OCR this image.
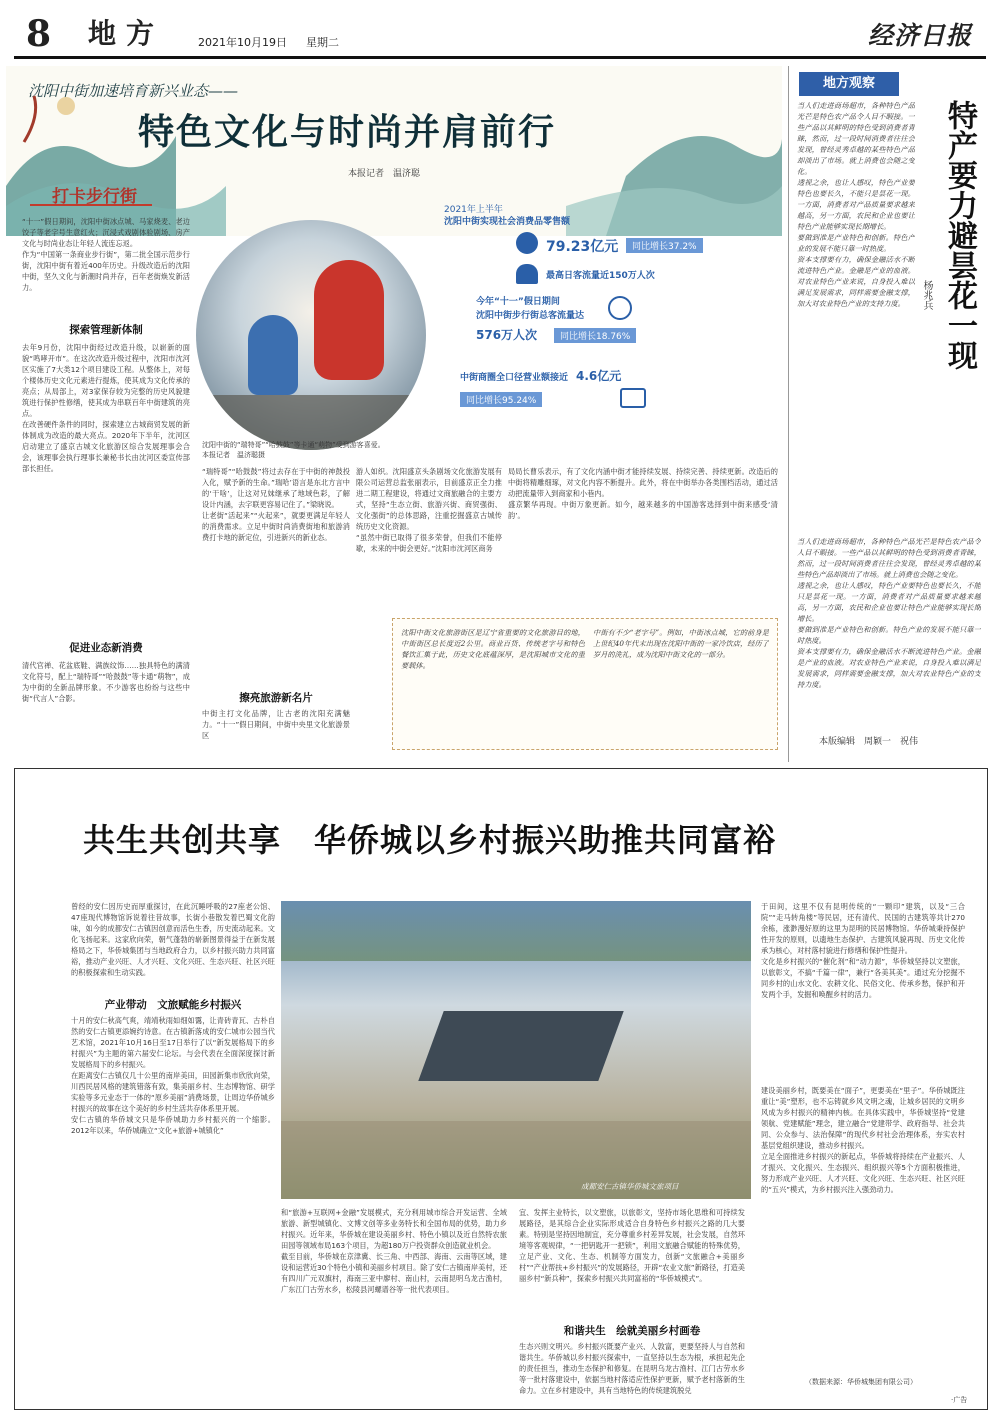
8 地方	2021年10月19日 星期二	经济日报
沈阳中街加速培育新兴业态——
特色文化与时尚并肩前行
本报记者　温济聪
打卡步行街
“十一”假日期间，沈阳中街冰点城、马家烧麦、老边饺子等老字号生意红火；沉浸式戏剧体验剧场、房产文化与时尚业态让年轻人流连忘返。
作为“中国第一条商业步行街”，第二批全国示范步行街，沈阳中街有着近400年历史。升级改造后的沈阳中街，坚久文化与新潮时尚并存，百年老街焕发新活力。
探索管理新体制
去年9月份，沈阳中街经过改造升级，以崭新的面貌“鸣哮开市”。在这次改造升级过程中，沈阳市沈河区实施了7大类12个项目建设工程。从整体上，对每个楼体历史文化元素进行提炼，使其成为文化传承的亮点；从局部上，对3家保存较为完整的历史风貌建筑进行保护性修缮，使其成为串联百年中街建筑的亮点。
在改善硬件条件的同时，探索建立古城商贸发展的新体制成为改造的最大亮点。2020年下半年，沈河区启动建立了盛京古城文化旅游区综合发展理事会合会，该理事会执行理事长兼秘书长由沈河区委宣传部部长担任。
促进业态新消费
清代官禅、花盆底鞋、满族纹饰……独具特色的满清文化符号，配上“瑞特哥”“哈鼓鼓”等卡通“萌物”，成为中街的全新品牌形象。不少游客也纷纷与这些中街“代言人”合影。
沈阳中街的“瑞特哥”“哈鼓鼓”等卡通“萌物”受到游客喜爱。　本报记者　温济聪摄
2021年上半年
沈阳中街实现社会消费品零售额
79.23亿元	同比增长37.2%
最高日客流量近150万人次
今年“十一”假日期间
沈阳中街步行街总客流量达
576万人次	同比增长18.76%
中街商圈全口径营业额接近 4.6亿元
同比增长95.24%
“瑞特哥”“哈鼓鼓”将过去存在于中街的神鼓投入化，赋予新的生命。”瑞哈’语言是东北方言中的‘干啥’，让这对兄妹继承了地域色彩，了解设计内涵，去字联更容易记住了。”梁晓说。
让老街“活起来”“火起来”，就要更满足年轻人的消费需求。立足中街时尚消费街地和旅游消费打卡地的新定位，引进新兴的新业态。
擦亮旅游新名片
中街主打文化品牌，让古老的沈阳充满魅力。“十一”假日期间，中街中央里文化旅游景区
游人如织。沈阳盛京头条剧场文化旅游发展有限公司运营总监张丽表示，目前盛京正全力推进二期工程建设，将通过文商旅融合的主要方式，坚持“生态立街、旅游兴街、商贸强街、文化强街”的总体思路，注重挖掘盛京古城传统历史文化资源。
“虽然中街已取得了很多荣誉，但我们不能停歇，未来的中街会更好。”沈阳市沈河区商务
局局长曹乐表示，有了文化内涵中街才能持续发展、持续完善、持续更新。改造后的中街将精雕细琢，对文化内容不断提升。此外，将在中街举办各类围档活动，通过活动把流量带入到商家和小巷内。
盛京繁华再现。中街万象更新。如今，越来越多的中国游客选择到中街来感受‘清韵’。
沈阳中街文化旅游街区是辽宁省重要的文化旅游目的地，中街街区总长度近2公里。商业百货、传统老字号和特色餐饮汇集于此，历史文化底蕴深厚，是沈阳城市文化的重要载体。
中街有不少“老字号”。例如，中街冰点城，它的前身是上世纪40年代末出现在沈阳中街的一家冷饮店，经历了岁月的洗礼，成为沈阳中街文化的一部分。
地方观察
特产要力避昙花一现
杨兆兵
当人们走进商场超市，各种特色产品光芒是特色农产品令人目不暇接。一些产品以其鲜明的特色受到消费者青睐，然而，过一段时间消费者往往会发现，曾经灵秀卓越的某些特色产品却淡出了市场。就上消费也会随之变化。
透视之余，也让人感叹，特色产业要特色也要长久，不能只是昙花一现。一方面，消费者对产品质量要求越来越高，另一方面，农民和企业也要让特色产业能够实现长期增长。
要做到准是产业特色和创新。特色产业的发展不能只靠一时热度。
资本支撑要有力，确保金融活水不断流进特色产业。金融是产业的血液。对农业特色产业来说，自身投入难以满足发展需求，同样需要金融支撑，加大对农业特色产业的支持力度。
当人们走进商场超市，各种特色产品光芒是特色农产品令人目不暇接。一些产品以其鲜明的特色受到消费者青睐，然而，过一段时间消费者往往会发现，曾经灵秀卓越的某些特色产品却淡出了市场。就上消费也会随之变化。
透视之余，也让人感叹，特色产业要特色也要长久，不能只是昙花一现。一方面，消费者对产品质量要求越来越高，另一方面，农民和企业也要让特色产业能够实现长期增长。
要做到准是产业特色和创新。特色产业的发展不能只靠一时热度。
资本支撑要有力，确保金融活水不断流进特色产业。金融是产业的血液。对农业特色产业来说，自身投入难以满足发展需求，同样需要金融支撑，加大对农业特色产业的支持力度。
本版编辑　周颖一　祝伟
共生共创共享　华侨城以乡村振兴助推共同富裕
曾经的安仁因历史而厚重探讨，在此沉睡呼吸的27座老公馆、47座现代博物馆诉说着往昔故事，长街小巷散发着巴蜀文化韵味，如今的成都安仁古镇因创意而活色生香，历史流动起来。文化飞扬起来。这家欣向荣，朝气蓬勃的崭新图景得益于在新发展格局之下，华侨城集团与当地政府合力，以乡村振兴助力共同富裕，推动产业兴旺、人才兴旺、文化兴旺、生态兴旺、社区兴旺的积极探索和生动实践。
产业带动　文旅赋能乡村振兴
十月的安仁秋高气爽，靖靖秋雨如细如霭，让青砖青瓦、古朴自然的安仁古镇更添婉约诗意。在古镇新落成的安仁城市公园当代艺术馆，2021年10月16日至17日举行了以“新发展格局下的乡村振兴”为主题的第六届安仁论坛。与会代表在全面深度探讨新发展格局下的乡村振兴。
在距离安仁古镇仅几十公里的南岸美田，田园新集市欣欣向荣，川西民居风格的建筑错落有致，集美丽乡村、生态博物馆、研学实验等多元业态于一体的“原乡美丽”消费场景，让周边华侨城乡村振兴的故事在这个美好的乡村生活共存体系里开展。
安仁古镇的华侨城文只是华侨城助力乡村振兴的一个缩影。2012年以来，华侨城确立“文化+旅游+城镇化”
成都安仁古镇华侨城文旅项目
和“旅游+互联网+金融”发展模式，充分利用城市综合开发运营、全域旅游、新型城镇化、文博文创等多业务特长和全国布局的优势，助力乡村振兴。近年来，华侨城在建设美丽乡村、特色小镇以及近自然特农旅田园等领域布局163个项目，为超180万户投资群众创造就业机会。
截至目前，华侨城在京津冀、长三角、中西部、海南、云南等区域，建设和运营近30个特色小镇和美丽乡村项目。除了安仁古镇南岸美村，还有四川广元双旗村，海南三亚中廖村、南山村，云南昆明乌龙古渔村，广东江门古劳水乡，松陵县河螺谱谷等一批代表项目。
宜、发挥主业特长，以文塑旅，以旅彰文，坚持市场化思维和可持续发展路径，是其综合企业实际形成适合自身特色乡村振兴之路的几大要素。特别是坚持因地制宜，充分尊重乡村差异发展，社会发展，自然环境等客观规律，“一把钥匙开一把锁”，利用文旅融合赋能的特殊优势，立足产业、文化、生态、机制等方面发力，创新“文旅融合+美丽乡村”“产业帮扶+乡村振兴”的发展路径，开辟“农业文旅”新路径，打造美丽乡村“新兵种”，探索乡村振兴共同富裕的“华侨城模式”。
和谐共生　绘就美丽乡村画卷
生态兴则文明兴。乡村振兴既要产业兴、人敦富，更要坚持人与自然和谐共生。华侨城以乡村振兴探索中，一直坚持以生态为根，承担起先企的责任担当，推动生态保护和修复。在昆明乌龙古渔村、江门古劳水乡等一批村落建设中，依据当地村落适应性保护更新，赋予老村落新的生命力。立在乡村建设中，具有当地特色的传统建筑脱兑
于田间，这里不仅有昆明传统的“一颗印”建筑，以及“三合院”“走马转角楼”等民居，还有清代、民国的古建筑等共计270余栋，涨渺漫好原的这里为昆明的民居博物馆。华侨城秉持保护性开发的原则，以遗地生态保护、古建筑风貌再现、历史文化传承为核心，对村落村貌进行修缮和保护性提升。
文化是乡村振兴的“催化剂”和“动力源”，华侨城坚持以文塑旅，以旅彰文，不搞“千篇一律”，兼行“各美其美”。通过充分挖掘不同乡村的山水文化、农耕文化、民俗文化、传承乡愁，保护和开发两个手，发掘和唤醒乡村的活力。
建设美丽乡村，既要美在“面子”，更要美在“里子”。华侨城既注重让“美”塑形，也不忘铸就乡风文明之魂，让城乡居民的文明乡风成为乡村振兴的精神内核。在具体实践中，华侨城坚持“党建领航、党建赋能”理念，建立融合“党建带学、政府指导、社会共同、公众参与、法治保障”的现代乡村社会治理体系，夯实农村基层党组织建设，推动乡村振兴。
立足全面推进乡村振兴的新起点，华侨城将持续在产业振兴、人才振兴、文化振兴、生态振兴、组织振兴等5个方面积极推进，努力形成产业兴旺、人才兴旺、文化兴旺、生态兴旺、社区兴旺的“五兴”模式，为乡村振兴注入强劲动力。
（数据来源：华侨城集团有限公司）
·广告
